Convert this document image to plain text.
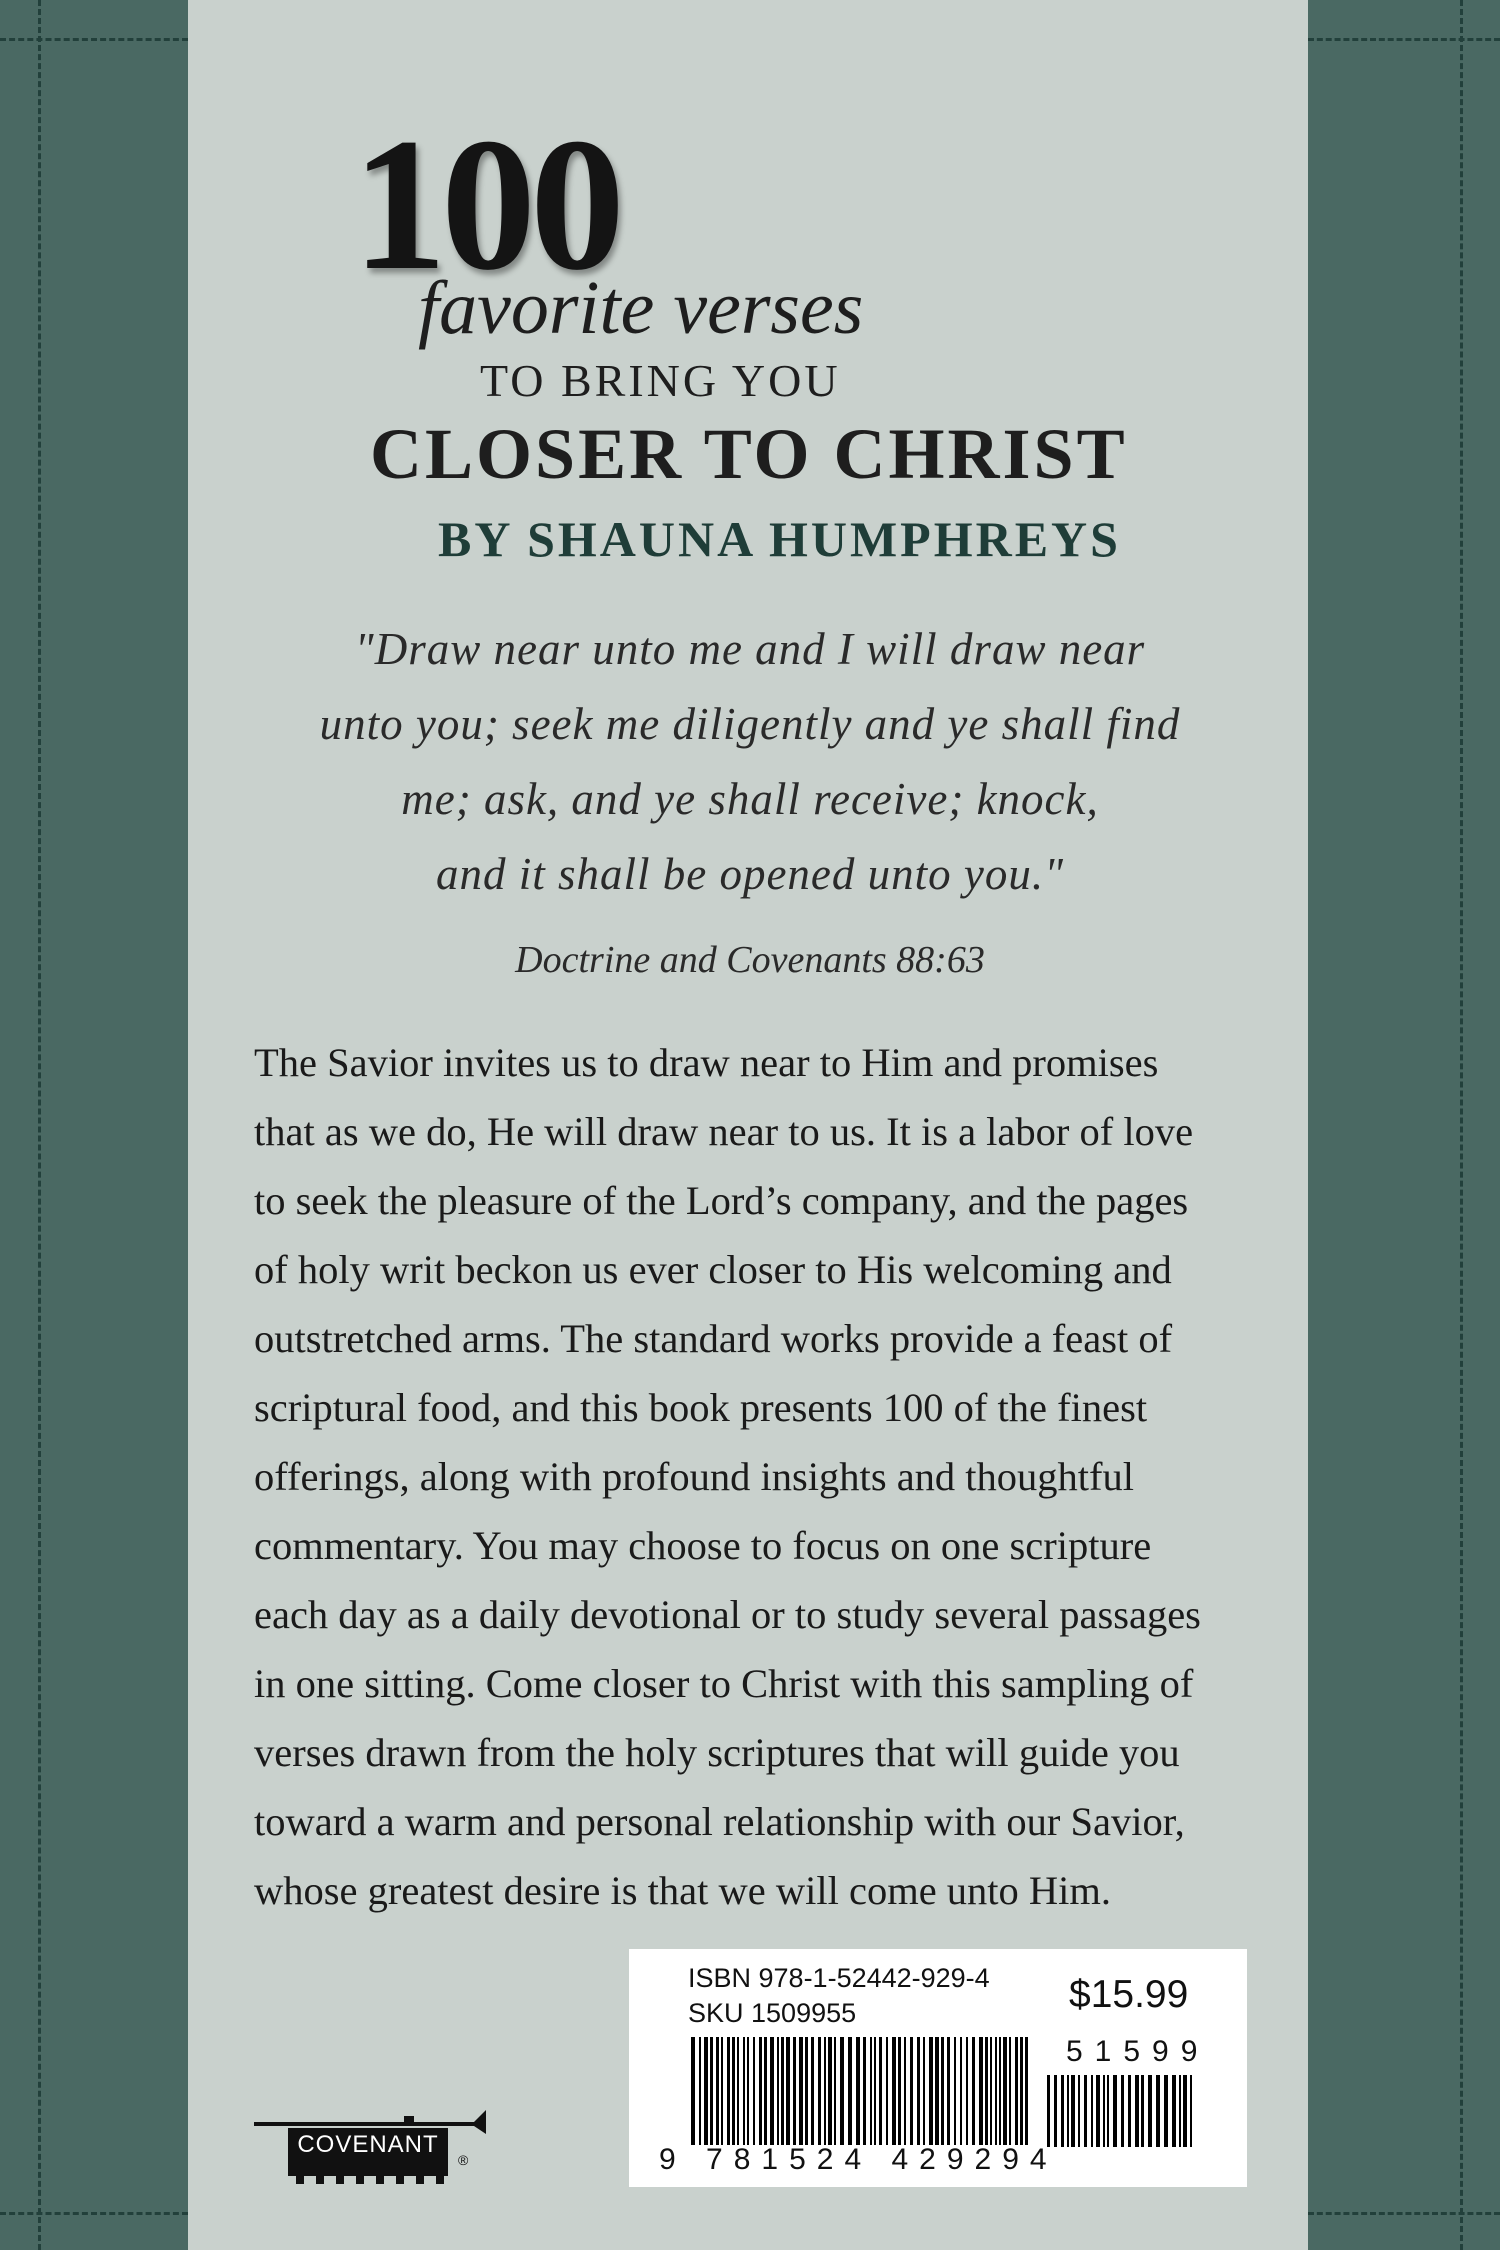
100
favorite verses
TO BRING YOU
CLOSER TO CHRIST
BY SHAUNA HUMPHREYS
"Draw near unto me and I will draw near
unto you; seek me diligently and ye shall find
me; ask, and ye shall receive; knock,
and it shall be opened unto you."
Doctrine and Covenants 88:63
The Savior invites us to draw near to Him and promises
that as we do, He will draw near to us. It is a labor of love
to seek the pleasure of the Lord’s company, and the pages
of holy writ beckon us ever closer to His welcoming and
outstretched arms. The standard works provide a feast of
scriptural food, and this book presents 100 of the finest
offerings, along with profound insights and thoughtful
commentary. You may choose to focus on one scripture
each day as a daily devotional or to study several passages
in one sitting. Come closer to Christ with this sampling of
verses drawn from the holy scriptures that will guide you
toward a warm and personal relationship with our Savior,
whose greatest desire is that we will come unto Him.
COVENANT
®
ISBN 978-1-52442-929-4
SKU 1509955	$15.99
51599
9 781524 429294
